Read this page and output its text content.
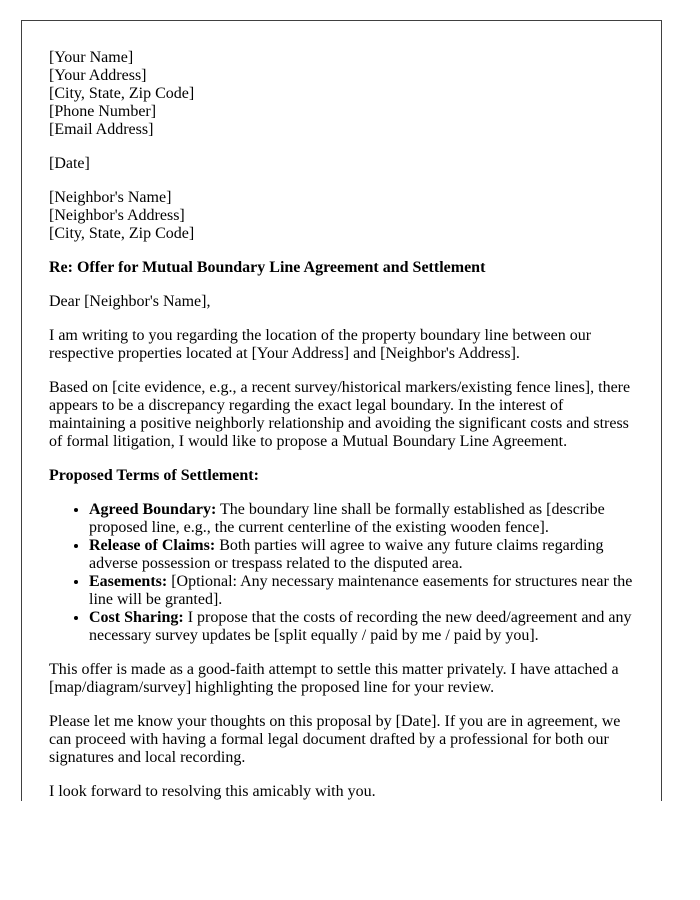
[Your Name]
[Your Address]
[City, State, Zip Code]
[Phone Number]
[Email Address]
[Date]
[Neighbor's Name]
[Neighbor's Address]
[City, State, Zip Code]
Re: Offer for Mutual Boundary Line Agreement and Settlement
Dear [Neighbor's Name],
I am writing to you regarding the location of the property boundary line between our respective properties located at [Your Address] and [Neighbor's Address].
Based on [cite evidence, e.g., a recent survey/historical markers/existing fence lines], there appears to be a discrepancy regarding the exact legal boundary. In the interest of maintaining a positive neighborly relationship and avoiding the significant costs and stress of formal litigation, I would like to propose a Mutual Boundary Line Agreement.
Proposed Terms of Settlement:
• Agreed Boundary: The boundary line shall be formally established as [describe proposed line, e.g., the current centerline of the existing wooden fence].
• Release of Claims: Both parties will agree to waive any future claims regarding adverse possession or trespass related to the disputed area.
• Easements: [Optional: Any necessary maintenance easements for structures near the line will be granted].
• Cost Sharing: I propose that the costs of recording the new deed/agreement and any necessary survey updates be [split equally / paid by me / paid by you].
This offer is made as a good-faith attempt to settle this matter privately. I have attached a [map/diagram/survey] highlighting the proposed line for your review.
Please let me know your thoughts on this proposal by [Date]. If you are in agreement, we can proceed with having a formal legal document drafted by a professional for both our signatures and local recording.
I look forward to resolving this amicably with you.
